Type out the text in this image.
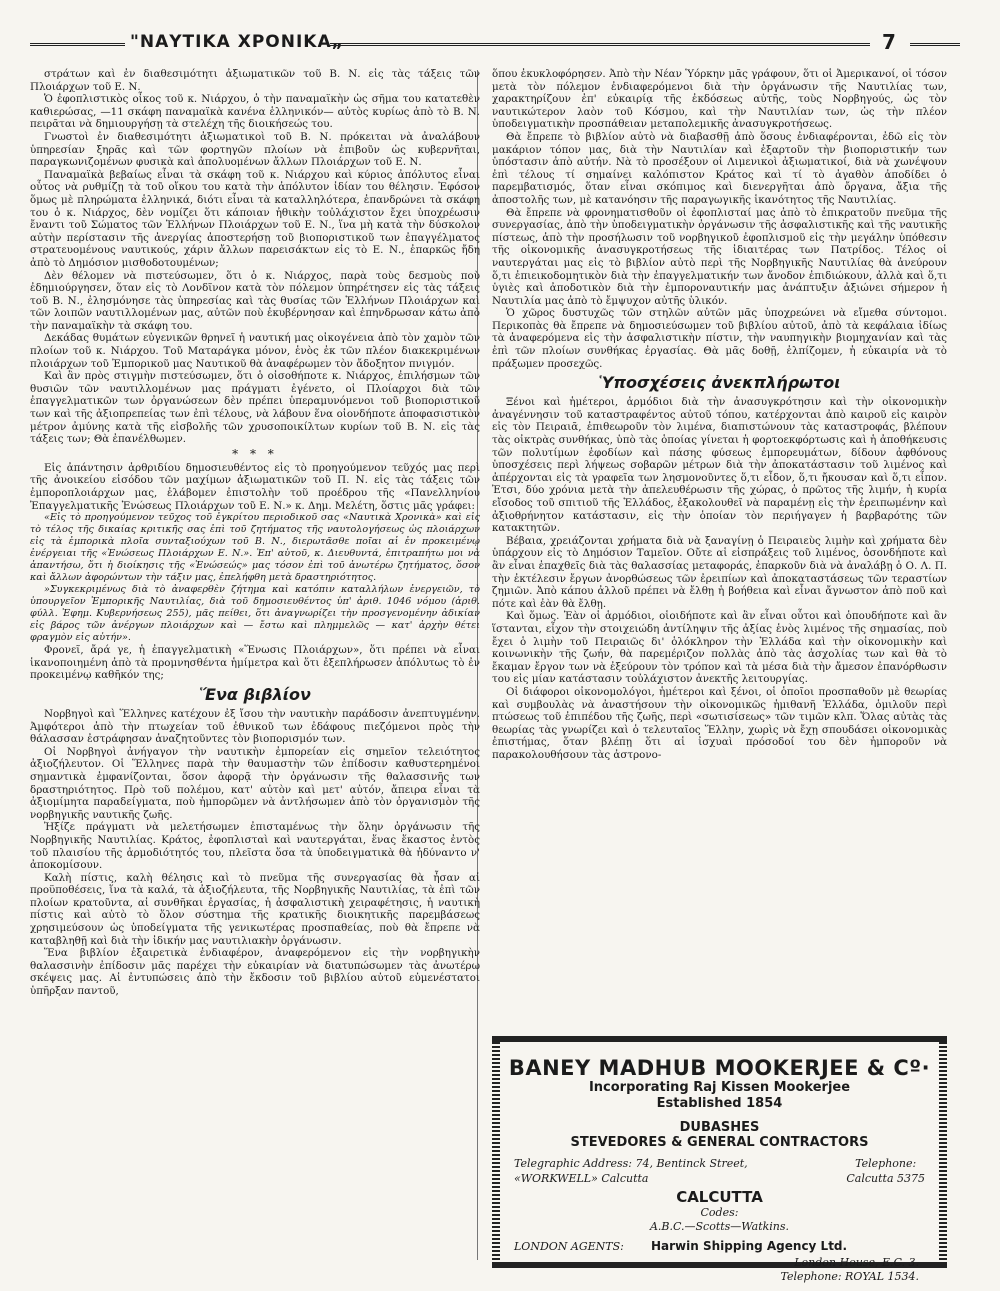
"ΝΑΥΤΙΚΑ ΧΡΟΝΙΚΑ„	7

στράτων καὶ ἐν διαθεσιμότητι ἀξιωματικῶν τοῦ Β. Ν. εἰς τὰς τάξεις τῶν Πλοιάρχων τοῦ Ε. Ν.

Ὁ ἐφοπλιστικὸς οἶκος τοῦ κ. Νιάρχου, ὁ τὴν παναμαϊκὴν ὡς σῆμα του κατατεθὲν καθιερώσας, —11 σκάφη παναμαϊκὰ κανένα ἑλληνικόν— αὐτὸς κυρίως ἀπὸ τὸ Β. Ν. πειρᾶται νὰ δημιουργήσῃ τὰ στελέχη τῆς διοικήσεώς του.

Γνωστοὶ ἐν διαθεσιμότητι ἀξιωματικοὶ τοῦ Β. Ν. πρόκειται νὰ ἀναλάβουν ὑπηρεσίαν ξηρᾶς καὶ τῶν φορτηγῶν πλοίων νὰ ἐπιβοῦν ὡς κυβερνῆται, παραγκωνιζομένων φυσικὰ καὶ ἀπολυομένων ἄλλων Πλοιάρχων τοῦ Ε. Ν.

Παναμαϊκὰ βεβαίως εἶναι τὰ σκάφη τοῦ κ. Νιάρχου καὶ κύριος ἀπόλυτος εἶναι οὗτος νὰ ρυθμίζῃ τὰ τοῦ οἴκου του κατὰ τὴν ἀπόλυτον ἰδίαν του θέλησιν. Ἐφόσον ὅμως μὲ πληρώματα ἑλληνικά, διότι εἶναι τὰ καταλληλότερα, ἐπανδρώνει τὰ σκάφη του ὁ κ. Νιάρχος, δὲν νομίζει ὅτι κάποιαν ἠθικὴν τοὐλάχιστον ἔχει ὑποχρέωσιν ἔναντι τοῦ Σώματος τῶν Ἑλλήνων Πλοιάρχων τοῦ Ε. Ν., ἵνα μὴ κατὰ τὴν δύσκολον αὐτὴν περίστασιν τῆς ἀνεργίας ἀποστερήσῃ τοῦ βιοποριστικοῦ των ἐπαγγέλματος στρατευομένους ναυτικούς, χάριν ἄλλων παρεισάκτων εἰς τὸ Ε. Ν., ἐπαρκῶς ἤδη ἀπὸ τὸ Δημόσιον μισθοδοτουμένων;

Δὲν θέλομεν νὰ πιστεύσωμεν, ὅτι ὁ κ. Νιάρχος, παρὰ τοὺς δεσμοὺς ποὺ ἐδημιούργησεν, ὅταν εἰς τὸ Λονδῖνον κατὰ τὸν πόλεμον ὑπηρέτησεν εἰς τὰς τάξεις τοῦ Β. Ν., ἐλησμόνησε τὰς ὑπηρεσίας καὶ τὰς θυσίας τῶν Ἑλλήνων Πλοιάρχων καὶ τῶν λοιπῶν ναυτιλλομένων μας, αὐτῶν ποὺ ἐκυβέρνησαν καὶ ἐπηνδρωσαν κάτω ἀπὸ τὴν παναμαϊκὴν τὰ σκάφη του.

Δεκάδας θυμάτων εὐγενικῶν θρηνεῖ ἡ ναυτική μας οἰκογένεια ἀπὸ τὸν χαμὸν τῶν πλοίων τοῦ κ. Νιάρχου. Τοῦ Ματαράγκα μόνον, ἑνὸς ἐκ τῶν πλέον διακεκριμένων πλοιάρχων τοῦ Ἐμπορικοῦ μας Ναυτικοῦ θὰ ἀναφέρωμεν τὸν ἄδοξητον πνιγμόν.

Καὶ ἂν πρὸς στιγμὴν πιστεύσωμεν, ὅτι ὁ οἰσοθήποτε κ. Νιάρχος, ἐπιλήσμων τῶν θυσιῶν τῶν ναυτιλλομένων μας πράγματι ἐγένετο, οἱ Πλοίαρχοι διὰ τῶν ἐπαγγελματικῶν των ὀργανώσεων δὲν πρέπει ὑπεραμυνόμενοι τοῦ βιοποριστικοῦ των καὶ τῆς ἀξιοπρεπείας των ἐπὶ τέλους, νὰ λάβουν ἕνα οἱονδήποτε ἀποφασιστικὸν μέτρον ἀμύνης κατὰ τῆς εἰσβολῆς τῶν χρυσοποικίλτων κυρίων τοῦ Β. Ν. εἰς τὰς τάξεις των; Θὰ ἐπανέλθωμεν.

* * *

Εἰς ἀπάντησιν ἀρθριδίου δημοσιευθέντος εἰς τὸ προηγούμενον τεῦχός μας περὶ τῆς ἀνοικείου εἰσόδου τῶν μαχίμων ἀξιωματικῶν τοῦ Π. Ν. εἰς τὰς τάξεις τῶν ἐμποροπλοιάρχων μας, ἐλάβομεν ἐπιστολὴν τοῦ προέδρου τῆς «Πανελληνίου Ἐπαγγελματικῆς Ἑνώσεως Πλοιάρχων τοῦ Ε. Ν.» κ. Δημ. Μελέτη, ὅστις μᾶς γράφει:

«Εἰς τὸ προηγούμενον τεῦχος τοῦ ἐγκρίτου περιοδικοῦ σας «Ναυτικὰ Χρονικὰ» καὶ εἰς τὸ τέλος τῆς δικαίας κριτικῆς σας ἐπὶ τοῦ ζητήματος τῆς ναυτολογήσεως ὡς πλοιάρχων εἰς τὰ ἐμπορικὰ πλοῖα συνταξιούχων τοῦ Β. Ν., διερωτᾶσθε ποῖαι αἱ ἐν προκειμένῳ ἐνέργειαι τῆς «Ἑνώσεως Πλοιάρχων Ε. Ν.». Ἐπ' αὐτοῦ, κ. Διευθυντά, ἐπιτραπήτω μοι νὰ ἀπαντήσω, ὅτι ἡ διοίκησις τῆς «Ἑνώσεώς» μας τόσον ἐπὶ τοῦ ἀνωτέρω ζητήματος, ὅσον καὶ ἄλλων ἀφορώντων τὴν τάξιν μας, ἐπελήφθη μετὰ δραστηριότητος.

»Συγκεκριμένως διὰ τὸ ἀναφερθὲν ζήτημα καὶ κατόπιν καταλλήλων ἐνεργειῶν, τὸ ὑπουργεῖον Ἐμπορικῆς Ναυτιλίας, διὰ τοῦ δημοσιευθέντος ὑπ' ἀριθ. 1046 νόμου (ἀριθ. φύλλ. Ἐφημ. Κυβερνήσεως 255), μᾶς πείθει, ὅτι ἀναγνωρίζει τὴν προσγενομένην ἀδικίαν εἰς βάρος τῶν ἀνέργων πλοιάρχων καὶ — ἔστω καὶ πλημμελῶς — κατ' ἀρχὴν θέτει φραγμὸν εἰς αὐτήν».

Φρονεῖ, ἄρά γε, ἡ ἐπαγγελματικὴ «Ἕνωσις Πλοιάρχων», ὅτι πρέπει νὰ εἶναι ἱκανοποιημένη ἀπὸ τὰ προμνησθέντα ἡμίμετρα καὶ ὅτι ἐξεπλήρωσεν ἀπόλυτως τὸ ἐν προκειμένῳ καθῆκόν της;

Ἕνα βιβλίον

Νορβηγοὶ καὶ Ἕλληνες κατέχουν ἐξ ἴσου τὴν ναυτικὴν παράδοσιν ἀνεπτυγμένην. Ἀμφότεροι ἀπὸ τὴν πτωχείαν τοῦ ἐθνικοῦ των ἐδάφους πιεζόμενοι πρὸς τὴν θάλασσαν ἐστράφησαν ἀναζητοῦντες τὸν βιοπορισμόν των.

Οἱ Νορβηγοὶ ἀνήγαγον τὴν ναυτικὴν ἐμπορείαν εἰς σημεῖον τελειότητος ἀξιοζήλευτον. Οἱ Ἕλληνες παρὰ τὴν θαυμαστὴν τῶν ἐπίδοσιν καθυστερημένοι σημαντικὰ ἐμφανίζονται, ὅσον ἀφορᾷ τὴν ὀργάνωσιν τῆς θαλασσινῆς των δραστηριότητος. Πρὸ τοῦ πολέμου, κατ' αὐτὸν καὶ μετ' αὐτόν, ἄπειρα εἶναι τὰ ἀξιομίμητα παραδείγματα, ποὺ ἠμπορῶμεν νὰ ἀντλήσωμεν ἀπὸ τὸν ὀργανισμὸν τῆς νορβηγικῆς ναυτικῆς ζωῆς.

Ἠξίζε πράγματι νὰ μελετήσωμεν ἐπισταμένως τὴν ὅλην ὀργάνωσιν τῆς Νορβηγικῆς Ναυτιλίας. Κράτος, ἐφοπλισταὶ καὶ ναυτεργάται, ἕνας ἕκαστος ἐντὸς τοῦ πλαισίου τῆς ἁρμοδιότητός του, πλεῖστα ὅσα τὰ ὑποδειγματικὰ θὰ ἠδύναντο ν' ἀποκομίσουν.

Καλὴ πίστις, καλὴ θέλησις καὶ τὸ πνεῦμα τῆς συνεργασίας θὰ ἦσαν αἱ προϋποθέσεις, ἵνα τὰ καλά, τὰ ἀξιοζήλευτα, τῆς Νορβηγικῆς Ναυτιλίας, τὰ ἐπὶ τῶν πλοίων κρατοῦντα, αἱ συνθῆκαι ἐργασίας, ἡ ἀσφαλιστικὴ χειραφέτησις, ἡ ναυτικὴ πίστις καὶ αὐτὸ τὸ ὅλον σύστημα τῆς κρατικῆς διοικητικῆς παρεμβάσεως χρησιμεύσουν ὡς ὑποδείγματα τῆς γενικωτέρας προσπαθείας, ποὺ θὰ ἔπρεπε νὰ καταβληθῇ καὶ διὰ τὴν ἰδικήν μας ναυτιλιακὴν ὀργάνωσιν.

Ἕνα βιβλίον ἐξαιρετικὰ ἐνδιαφέρον, ἀναφερόμενον εἰς τὴν νορβηγικὴν θαλασσινὴν ἐπίδοσιν μᾶς παρέχει τὴν εὐκαιρίαν νὰ διατυπώσωμεν τὰς ἀνωτέρω σκέψεις μας. Αἱ ἐντυπώσεις ἀπὸ τὴν ἔκδοσιν τοῦ βιβλίου αὐτοῦ εὐμενέστατοι ὑπῆρξαν παντοῦ,

ὅπου ἐκυκλοφόρησεν. Ἀπὸ τὴν Νέαν Ὑόρκην μᾶς γράφουν, ὅτι οἱ Ἀμερικανοί, οἱ τόσον μετὰ τὸν πόλεμον ἐνδιαφερόμενοι διὰ τὴν ὀργάνωσιν τῆς Ναυτιλίας των, χαρακτηρίζουν ἐπ' εὐκαιρίᾳ τῆς ἐκδόσεως αὐτῆς, τοὺς Νορβηγούς, ὡς τὸν ναυτικώτερον λαὸν τοῦ Κόσμου, καὶ τὴν Ναυτιλίαν των, ὡς τὴν πλέον ὑποδειγματικὴν προσπάθειαν μεταπολεμικῆς ἀνασυγκροτήσεως.

Θὰ ἔπρεπε τὸ βιβλίον αὐτὸ νὰ διαβασθῇ ἀπὸ ὅσους ἐνδιαφέρονται, ἐδῶ εἰς τὸν μακάριον τόπον μας, διὰ τὴν Ναυτιλίαν καὶ ἐξαρτοῦν τὴν βιοποριστικήν των ὑπόστασιν ἀπὸ αὐτήν. Νὰ τὸ προσέξουν οἱ Λιμενικοὶ ἀξιωματικοί, διὰ νὰ χωνέψουν ἐπὶ τέλους τί σημαίνει καλόπιστον Κράτος καὶ τί τὸ ἀγαθὸν ἀποδίδει ὁ παρεμβατισμός, ὅταν εἶναι σκόπιμος καὶ διενεργῆται ἀπὸ ὄργανα, ἄξια τῆς ἀποστολῆς των, μὲ κατανόησιν τῆς παραγωγικῆς ἱκανότητος τῆς Ναυτιλίας.

Θὰ ἔπρεπε νὰ φρονηματισθοῦν οἱ ἐφοπλισταί μας ἀπὸ τὸ ἐπικρατοῦν πνεῦμα τῆς συνεργασίας, ἀπὸ τὴν ὑποδειγματικὴν ὀργάνωσιν τῆς ἀσφαλιστικῆς καὶ τῆς ναυτικῆς πίστεως, ἀπὸ τὴν προσήλωσιν τοῦ νορβηγικοῦ ἐφοπλισμοῦ εἰς τὴν μεγάλην ὑπόθεσιν τῆς οἰκονομικῆς ἀνασυγκροτήσεως τῆς ἰδιαιτέρας των Πατρίδος. Τέλος οἱ ναυτεργάται μας εἰς τὸ βιβλίον αὐτὸ περὶ τῆς Νορβηγικῆς Ναυτιλίας θὰ ἀνεύρουν ὅ,τι ἐπιεικοδομητικὸν διὰ τὴν ἐπαγγελματικήν των ἄνοδον ἐπιδιώκουν, ἀλλὰ καὶ ὅ,τι ὑγιὲς καὶ ἀποδοτικὸν διὰ τὴν ἐμποροναυτικήν μας ἀνάπτυξιν ἀξιώνει σήμερον ἡ Ναυτιλία μας ἀπὸ τὸ ἔμψυχον αὐτῆς ὑλικόν.

Ὁ χῶρος δυστυχῶς τῶν στηλῶν αὐτῶν μᾶς ὑποχρεώνει νὰ εἴμεθα σύντομοι. Περικοπὰς θὰ ἔπρεπε νὰ δημοσιεύσωμεν τοῦ βιβλίου αὐτοῦ, ἀπὸ τὰ κεφάλαια ἰδίως τὰ ἀναφερόμενα εἰς τὴν ἀσφαλιστικὴν πίστιν, τὴν ναυπηγικὴν βιομηχανίαν καὶ τὰς ἐπὶ τῶν πλοίων συνθήκας ἐργασίας. Θὰ μᾶς δοθῇ, ἐλπίζομεν, ἡ εὐκαιρία νὰ τὸ πράξωμεν προσεχῶς.

Ὑποσχέσεις ἀνεκπλήρωτοι

Ξένοι καὶ ἡμέτεροι, ἁρμόδιοι διὰ τὴν ἀνασυγκρότησιν καὶ τὴν οἰκονομικὴν ἀναγέννησιν τοῦ καταστραφέντος αὐτοῦ τόπου, κατέρχονται ἀπὸ καιροῦ εἰς καιρὸν εἰς τὸν Πειραιᾶ, ἐπιθεωροῦν τὸν λιμένα, διαπιστώνουν τὰς καταστροφάς, βλέπουν τὰς οἰκτρὰς συνθήκας, ὑπὸ τὰς ὁποίας γίνεται ἡ φορτοεκφόρτωσις καὶ ἡ ἀποθήκευσις τῶν πολυτίμων ἐφοδίων καὶ πάσης φύσεως ἐμπορευμάτων, δίδουν ἀφθόνους ὑποσχέσεις περὶ λήψεως σοβαρῶν μέτρων διὰ τὴν ἀποκατάστασιν τοῦ λιμένος καὶ ἀπέρχονται εἰς τὰ γραφεῖα των λησμονοῦντες ὅ,τι εἶδον, ὅ,τι ἤκουσαν καὶ ὅ,τι εἶπον. Ἐτσι, δύο χρόνια μετὰ τὴν ἀπελευθέρωσιν τῆς χώρας, ὁ πρῶτος τῆς λιμήν, ἡ κυρία εἴσοδος τοῦ σπιτιοῦ τῆς Ἑλλάδος, ἐξακολουθεῖ νὰ παραμένῃ εἰς τὴν ἐρειπωμένην καὶ ἀξιοθρήνητον κατάστασιν, εἰς τὴν ὁποίαν τὸν περιήγαγεν ἡ βαρβαρότης τῶν κατακτητῶν.

Βέβαια, χρειάζονται χρήματα διὰ νὰ ξαναγίνῃ ὁ Πειραιεὺς λιμὴν καὶ χρήματα δὲν ὑπάρχουν εἰς τὸ Δημόσιον Ταμεῖον. Οὔτε αἱ εἰσπράξεις τοῦ λιμένος, ὁσονδήποτε καὶ ἂν εἶναι ἐπαχθεῖς διὰ τὰς θαλασσίας μεταφοράς, ἐπαρκοῦν διὰ νὰ ἀναλάβῃ ὁ Ο. Λ. Π. τὴν ἐκτέλεσιν ἔργων ἀνορθώσεως τῶν ἐρειπίων καὶ ἀποκαταστάσεως τῶν τεραστίων ζημιῶν. Ἀπὸ κάπου ἀλλοῦ πρέπει νὰ ἔλθῃ ἡ βοήθεια καὶ εἶναι ἄγνωστον ἀπὸ ποῦ καὶ πότε καὶ ἐὰν θὰ ἔλθῃ.

Καὶ ὅμως. Ἐὰν οἱ ἁρμόδιοι, οἱοιδήποτε καὶ ἂν εἶναι οὗτοι καὶ ὁπουδήποτε καὶ ἂν ἵστανται, εἶχον τὴν στοιχειώδη ἀντίληψιν τῆς ἀξίας ἑνὸς λιμένος τῆς σημασίας, ποὺ ἔχει ὁ λιμὴν τοῦ Πειραιῶς δι' ὁλόκληρον τὴν Ἑλλάδα καὶ τὴν οἰκονομικὴν καὶ κοινωνικὴν τῆς ζωήν, θὰ παρεμέριζον πολλὰς ἀπὸ τὰς ἀσχολίας των καὶ θὰ τὸ ἔκαμαν ἔργον των νὰ ἐξεύρουν τὸν τρόπον καὶ τὰ μέσα διὰ τὴν ἄμεσον ἐπανόρθωσιν του εἰς μίαν κατάστασιν τοὐλάχιστον ἀνεκτῆς λειτουργίας.

Οἱ διάφοροι οἰκονομολόγοι, ἡμέτεροι καὶ ξένοι, οἱ ὁποῖοι προσπαθοῦν μὲ θεωρίας καὶ συμβουλὰς νὰ ἀναστήσουν τὴν οἰκονομικῶς ἡμιθανῆ Ἑλλάδα, ὁμιλοῦν περὶ πτώσεως τοῦ ἐπιπέδου τῆς ζωῆς, περὶ «σωτισίσεως» τῶν τιμῶν κλπ. Ὅλας αὐτὰς τὰς θεωρίας τὰς γνωρίζει καὶ ὁ τελευταῖος Ἕλλην, χωρὶς νὰ ἔχῃ σπουδάσει οἰκονομικὰς ἐπιστήμας, ὅταν βλέπῃ ὅτι αἱ ἰσχυαὶ πρόσοδοί του δὲν ἠμποροῦν νὰ παρακολουθήσουν τὰς ἀστρονο-

BANEY MADHUB MOOKERJEE & Cº·
Incorporating Raj Kissen Mookerjee
Established 1854
DUBASHES
STEVEDORES & GENERAL CONTRACTORS
Telegraphic Address: 74, Bentinck Street,
«WORKWELL» Calcutta
Telephone:
Calcutta 5375
CALCUTTA
Codes:
A.B.C.—Scotts—Watkins.
LONDON AGENTS: Harwin Shipping Agency Ltd.
London House, E.C. 3.
Telephone: ROYAL 1534.
